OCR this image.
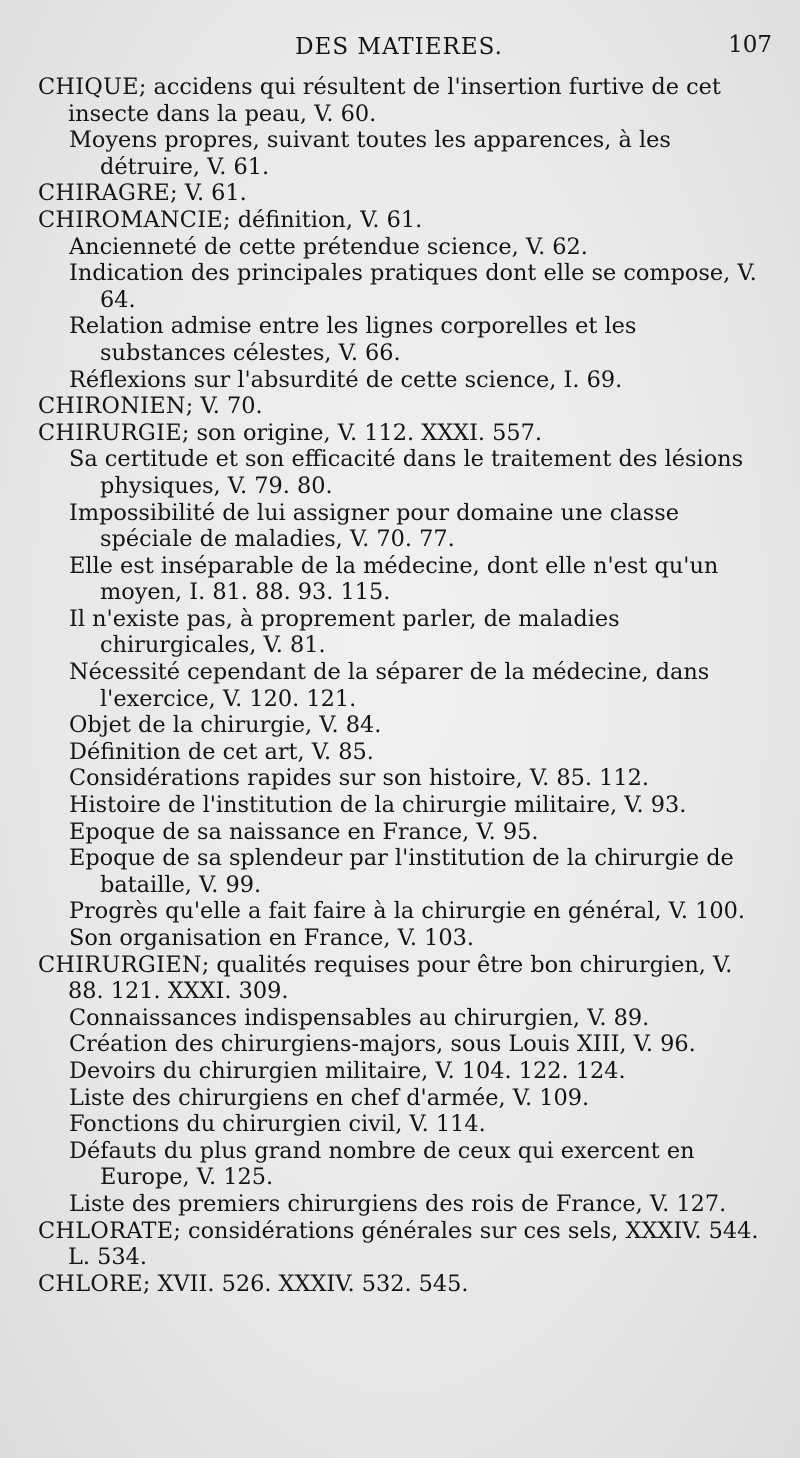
DES MATIERES.	107

CHIQUE; accidens qui résultent de l'insertion furtive de cet insecte dans la peau, V. 60.

Moyens propres, suivant toutes les apparences, à les détruire, V. 61.

CHIRAGRE; V. 61.

CHIROMANCIE; définition, V. 61.

Ancienneté de cette prétendue science, V. 62.

Indication des principales pratiques dont elle se compose, V. 64.

Relation admise entre les lignes corporelles et les substances célestes, V. 66.

Réflexions sur l'absurdité de cette science, I. 69.

CHIRONIEN; V. 70.

CHIRURGIE; son origine, V. 112. XXXI. 557.

Sa certitude et son efficacité dans le traitement des lésions physiques, V. 79. 80.

Impossibilité de lui assigner pour domaine une classe spéciale de maladies, V. 70. 77.

Elle est inséparable de la médecine, dont elle n'est qu'un moyen, I. 81. 88. 93. 115.

Il n'existe pas, à proprement parler, de maladies chirurgicales, V. 81.

Nécessité cependant de la séparer de la médecine, dans l'exercice, V. 120. 121.

Objet de la chirurgie, V. 84.

Définition de cet art, V. 85.

Considérations rapides sur son histoire, V. 85. 112.

Histoire de l'institution de la chirurgie militaire, V. 93.

Epoque de sa naissance en France, V. 95.

Epoque de sa splendeur par l'institution de la chirurgie de bataille, V. 99.

Progrès qu'elle a fait faire à la chirurgie en général, V. 100.

Son organisation en France, V. 103.

CHIRURGIEN; qualités requises pour être bon chirurgien, V. 88. 121. XXXI. 309.

Connaissances indispensables au chirurgien, V. 89.

Création des chirurgiens-majors, sous Louis XIII, V. 96.

Devoirs du chirurgien militaire, V. 104. 122. 124.

Liste des chirurgiens en chef d'armée, V. 109.

Fonctions du chirurgien civil, V. 114.

Défauts du plus grand nombre de ceux qui exercent en Europe, V. 125.

Liste des premiers chirurgiens des rois de France, V. 127.

CHLORATE; considérations générales sur ces sels, XXXIV. 544. L. 534.

CHLORE; XVII. 526. XXXIV. 532. 545.
